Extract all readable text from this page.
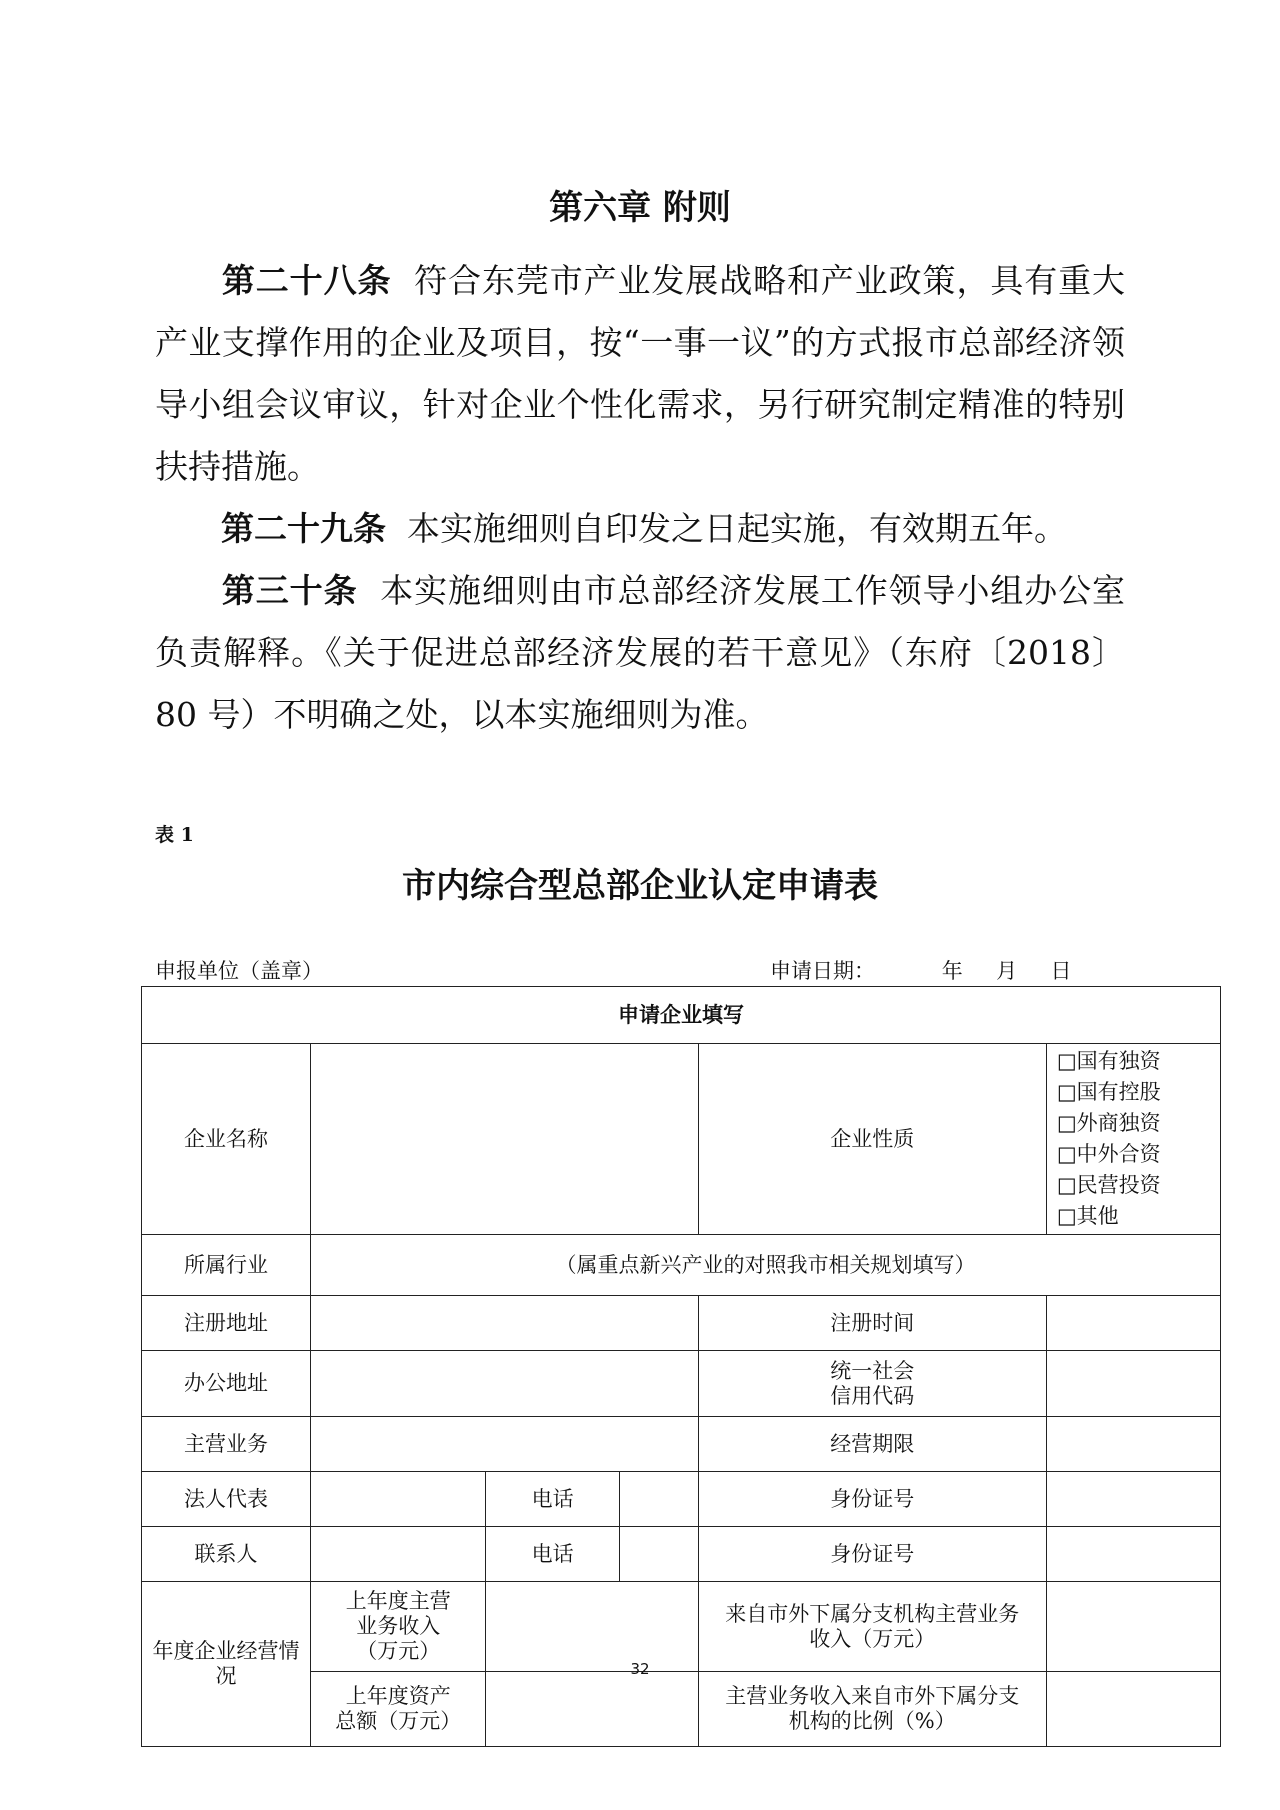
第六章 附则
第二十八条 符合东莞市产业发展战略和产业政策，具有重大产业支撑作用的企业及项目，按“一事一议”的方式报市总部经济领导小组会议审议，针对企业个性化需求，另行研究制定精准的特别扶持措施。
第二十九条 本实施细则自印发之日起实施，有效期五年。
第三十条 本实施细则由市总部经济发展工作领导小组办公室负责解释。《关于促进总部经济发展的若干意见》（东府〔2018〕80 号）不明确之处，以本实施细则为准。
表 1
市内综合型总部企业认定申请表
申报单位（盖章）	申请日期：	年 月 日
申请企业填写					
企业名称				企业性质	□国有独资□国有控股
□外商独资□中外合资
□民营投资□其他
所属行业	（属重点新兴产业的对照我市相关规划填写）				
注册地址				注册时间	
办公地址				统一社会
信用代码	
主营业务				经营期限	
法人代表		电话		身份证号	
联系人		电话		身份证号	
年度企业经营情况	上年度主营
业务收入
（万元）			来自市外下属分支机构主营业务收入（万元）	
	上年度资产
总额（万元）			主营业务收入来自市外下属分支机构的比例（%）	
32
